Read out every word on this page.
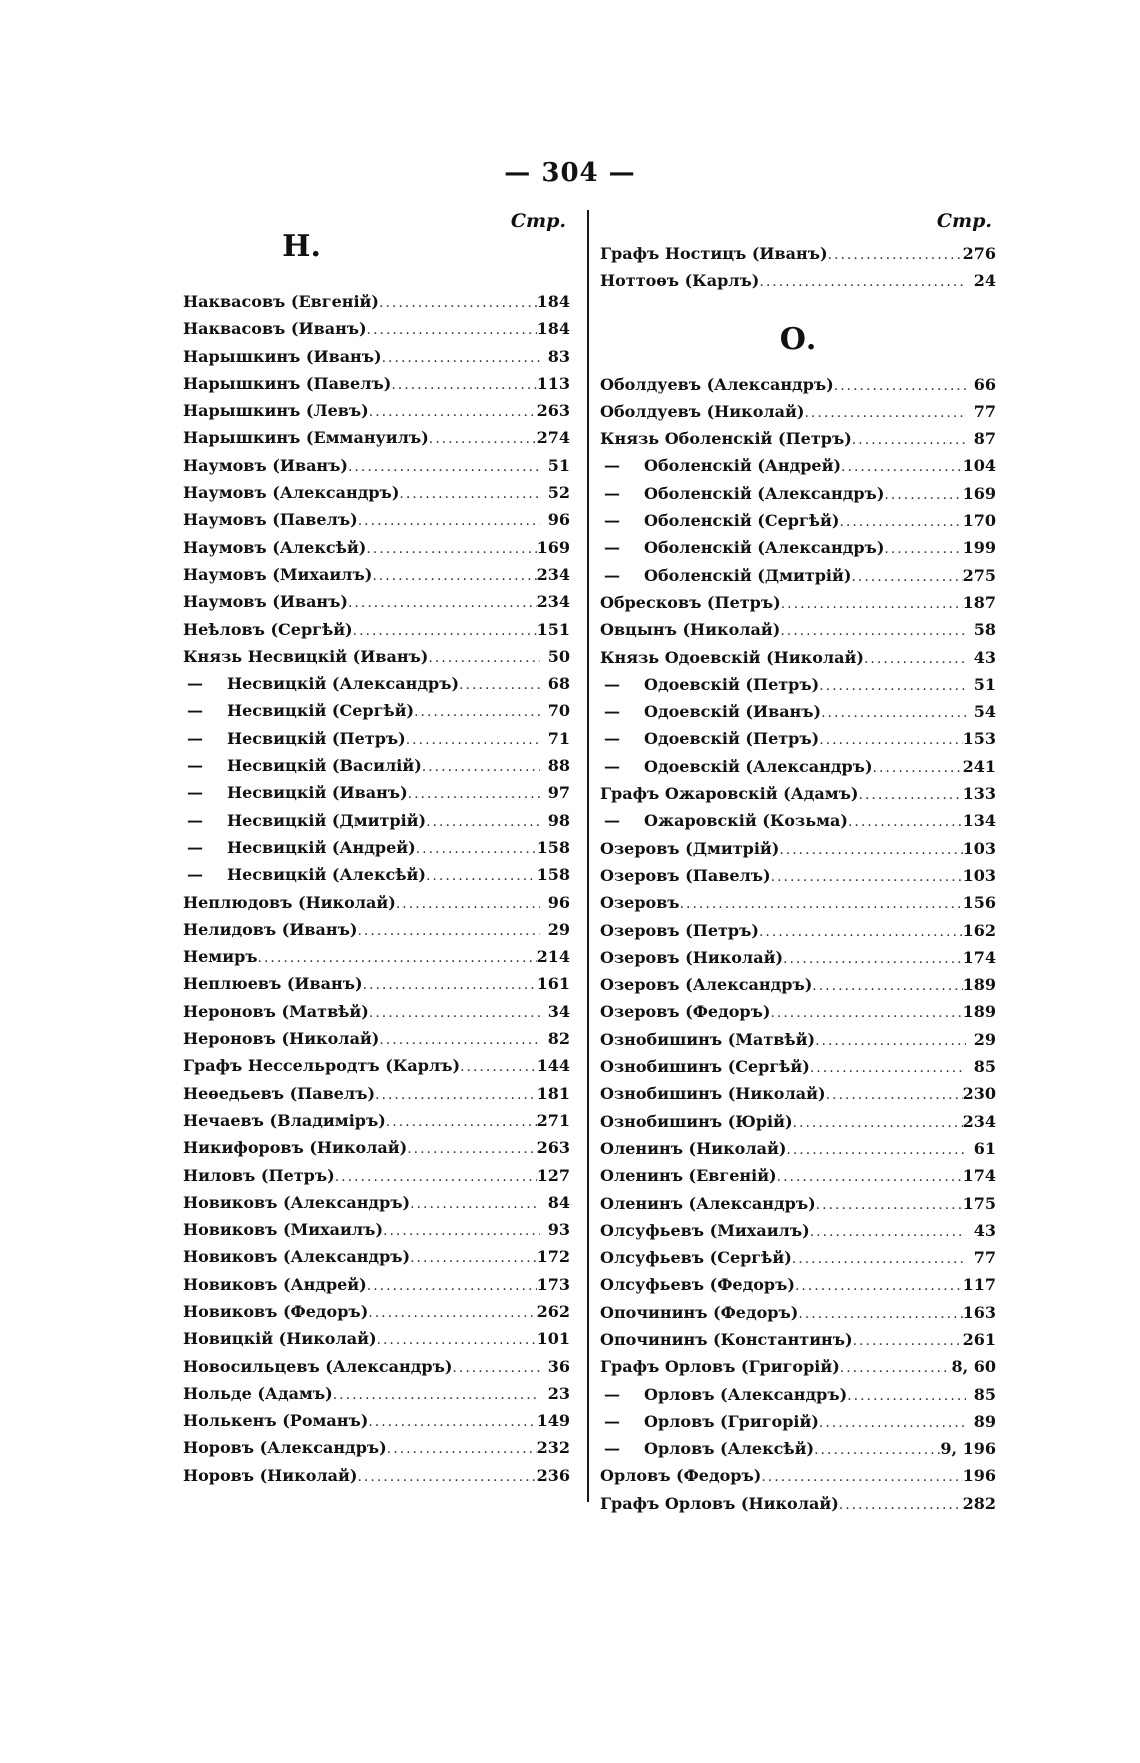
— 304 —
Стр.
Н.
Наквасовъ (Евгеній) .....	184
Наквасовъ (Иванъ) .....	184
Нарышкинъ (Иванъ) .....	83
Нарышкинъ (Павелъ) .....	113
Нарышкинъ (Левъ) .....	263
Нарышкинъ (Еммануилъ) .....	274
Наумовъ (Иванъ) .....	51
Наумовъ (Александръ) .....	52
Наумовъ (Павелъ) .....	96
Наумовъ (Алексѣй) .....	169
Наумовъ (Михаилъ) .....	234
Наумовъ (Иванъ) .....	234
Неѣловъ (Сергѣй) .....	151
Князь Несвицкій (Иванъ) .....	50
—	Несвицкій (Александръ) .....	68
—	Несвицкій (Сергѣй) .....	70
—	Несвицкій (Петръ) .....	71
—	Несвицкій (Василій) .....	88
—	Несвицкій (Иванъ) .....	97
—	Несвицкій (Дмитрій) .....	98
—	Несвицкій (Андрей) .....	158
—	Несвицкій (Алексѣй) .....	158
Неплюдовъ (Николай) .....	96
Нелидовъ (Иванъ) .....	29
Немиръ .....	214
Неплюевъ (Иванъ) .....	161
Нероновъ (Матвѣй) .....	34
Нероновъ (Николай) .....	82
Графъ Нессельродтъ (Карлъ) .....	144
Неѳедьевъ (Павелъ) .....	181
Нечаевъ (Владиміръ) .....	271
Никифоровъ (Николай) .....	263
Ниловъ (Петръ) .....	127
Новиковъ (Александръ) .....	84
Новиковъ (Михаилъ) .....	93
Новиковъ (Александръ) .....	172
Новиковъ (Андрей) .....	173
Новиковъ (Федоръ) .....	262
Новицкій (Николай) .....	101
Новосильцевъ (Александръ) .....	36
Нольде (Адамъ) .....	23
Нолькенъ (Романъ) .....	149
Норовъ (Александръ) .....	232
Норовъ (Николай) .....	236
Стр.
Графъ Ностицъ (Иванъ) .....	276
Ноттоѳъ (Карлъ) .....	24
О.
Оболдуевъ (Александръ) .....	66
Оболдуевъ (Николай) .....	77
Князь Оболенскій (Петръ) .....	87
—	Оболенскій (Андрей) .....	104
—	Оболенскій (Александръ) .....	169
—	Оболенскій (Сергѣй) .....	170
—	Оболенскій (Александръ) .....	199
—	Оболенскій (Дмитрій) .....	275
Обресковъ (Петръ) .....	187
Овцынъ (Николай) .....	58
Князь Одоевскій (Николай) .....	43
—	Одоевскій (Петръ) .....	51
—	Одоевскій (Иванъ) .....	54
—	Одоевскій (Петръ) .....	153
—	Одоевскій (Александръ) .....	241
Графъ Ожаровскій (Адамъ) .....	133
—	Ожаровскій (Козьма) .....	134
Озеровъ (Дмитрій) .....	103
Озеровъ (Павелъ) .....	103
Озеровъ .....	156
Озеровъ (Петръ) .....	162
Озеровъ (Николай) .....	174
Озеровъ (Александръ) .....	189
Озеровъ (Федоръ) .....	189
Ознобишинъ (Матвѣй) .....	29
Ознобишинъ (Сергѣй) .....	85
Ознобишинъ (Николай) .....	230
Ознобишинъ (Юрій) .....	234
Оленинъ (Николай) .....	61
Оленинъ (Евгеній) .....	174
Оленинъ (Александръ) .....	175
Олсуфьевъ (Михаилъ) .....	43
Олсуфьевъ (Сергѣй) .....	77
Олсуфьевъ (Федоръ) .....	117
Опочининъ (Федоръ) .....	163
Опочининъ (Константинъ) .....	261
Графъ Орловъ (Григорій) .....	8, 60
—	Орловъ (Александръ) .....	85
—	Орловъ (Григорій) .....	89
—	Орловъ (Алексѣй) .....	9, 196
Орловъ (Федоръ) .....	196
Графъ Орловъ (Николай) .....	282
